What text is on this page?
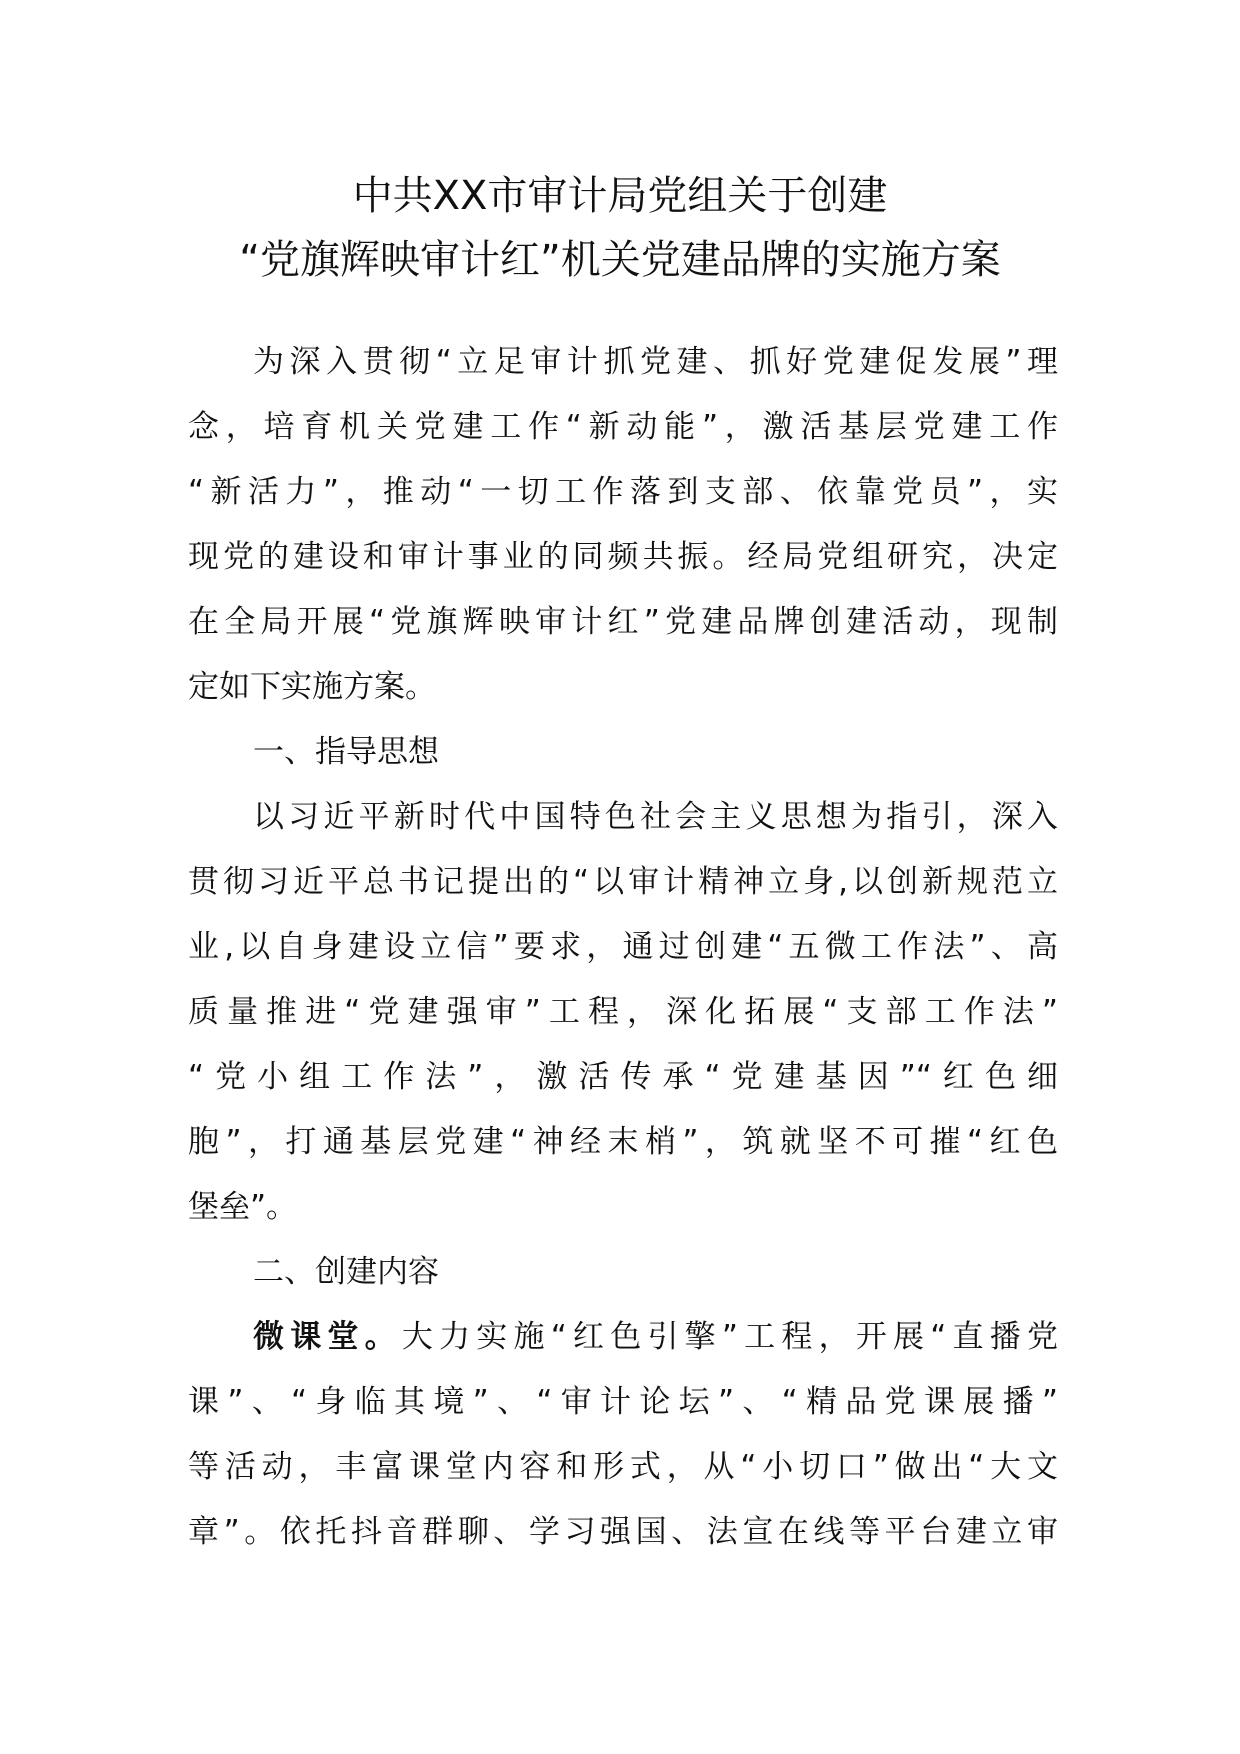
中共XX市审计局党组关于创建
“党旗辉映审计红”机关党建品牌的实施方案
为深入贯彻“立足审计抓党建、抓好党建促发展”理
念，培育机关党建工作“新动能”，激活基层党建工作
“新活力”，推动“一切工作落到支部、依靠党员”，实
现党的建设和审计事业的同频共振。经局党组研究，决定
在全局开展“党旗辉映审计红”党建品牌创建活动，现制
定如下实施方案。
一、指导思想
以习近平新时代中国特色社会主义思想为指引，深入
贯彻习近平总书记提出的“以审计精神立身,以创新规范立
业,以自身建设立信”要求，通过创建“五微工作法”、高
质量推进“党建强审”工程，深化拓展“支部工作法”
“党小组工作法”，激活传承“党建基因”“红色细
胞”，打通基层党建“神经末梢”，筑就坚不可摧“红色
堡垒”。
二、创建内容
微课堂。大力实施“红色引擎”工程，开展“直播党
课”、“身临其境”、“审计论坛”、“精品党课展播”
等活动，丰富课堂内容和形式，从“小切口”做出“大文
章”。依托抖音群聊、学习强国、法宣在线等平台建立审
